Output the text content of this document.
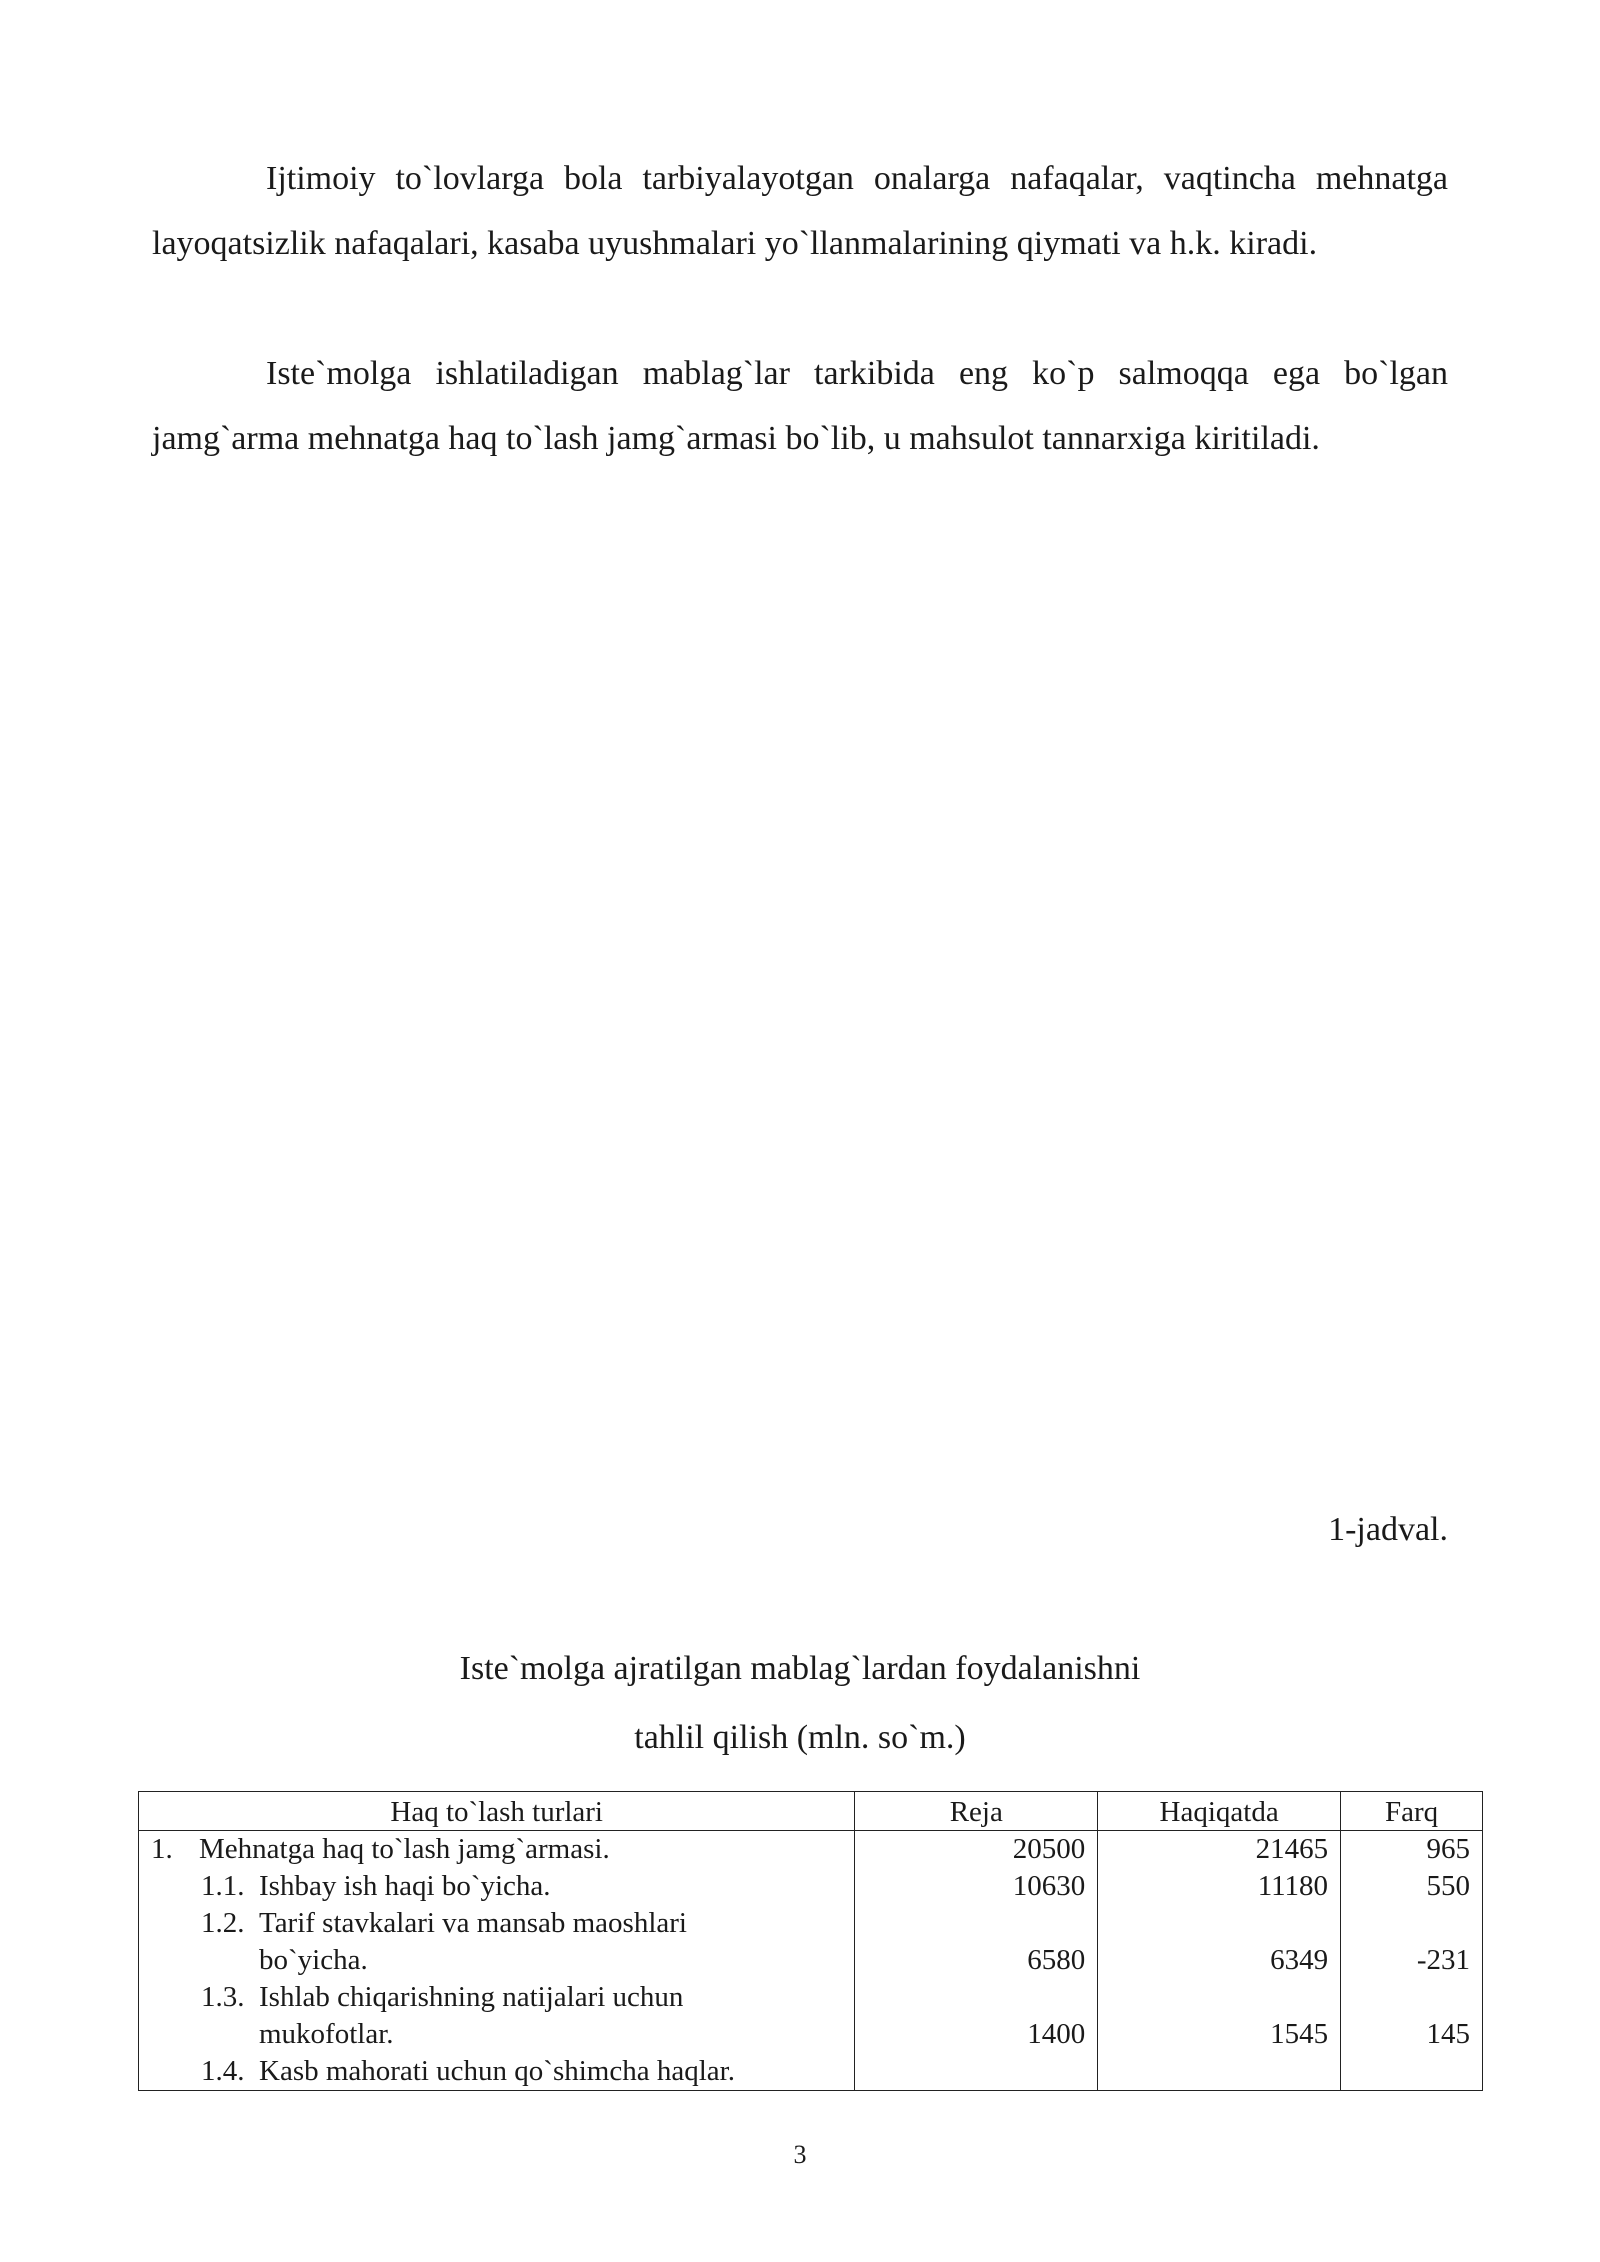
Ijtimoiy to`lovlarga bola tarbiyalayotgan onalarga nafaqalar, vaqtincha mehnatga layoqatsizlik nafaqalari, kasaba uyushmalari yo`llanmalarining qiymati va h.k. kiradi.

Iste`molga ishlatiladigan mablag`lar tarkibida eng ko`p salmoqqa ega bo`lgan jamg`arma mehnatga haq to`lash jamg`armasi bo`lib, u mahsulot tannarxiga kiritiladi.

1-jadval.
Iste`molga ajratilgan mablag`lardan foydalanishni
tahlil qilish (mln. so`m.)
Haq to`lash turlari	Reja	Haqiqatda	Farq

1. Mehnatga haq to`lash jamg`armasi.	20500	21465	965

1.1. Ishbay ish haqi bo`yicha.	10630	11180	550

1.2. Tarif stavkalari va mansab maoshlari
bo`yicha.	6580	6349	-231

1.3. Ishlab chiqarishning natijalari uchun
mukofotlar.	1400	1545	145

1.4. Kasb mahorati uchun qo`shimcha haqlar.			

3
